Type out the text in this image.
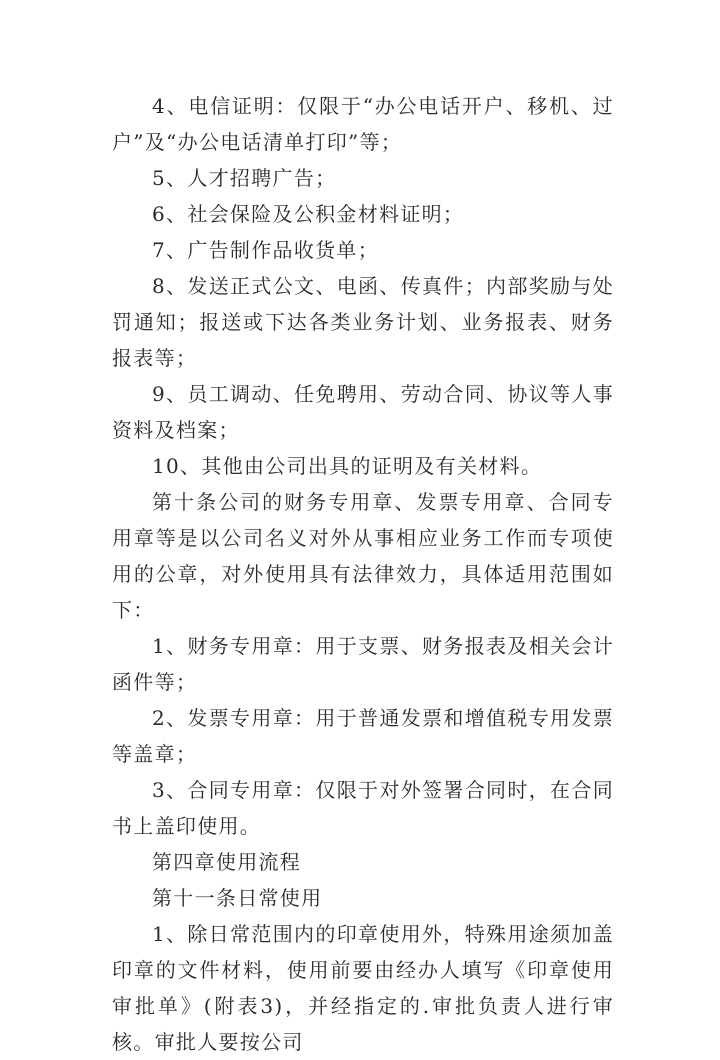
4、电信证明：仅限于“办公电话开户、移机、过户”及“办公电话清单打印”等；

5、人才招聘广告；

6、社会保险及公积金材料证明；

7、广告制作品收货单；

8、发送正式公文、电函、传真件；内部奖励与处罚通知；报送或下达各类业务计划、业务报表、财务报表等；

9、员工调动、任免聘用、劳动合同、协议等人事资料及档案；

10、其他由公司出具的证明及有关材料。

第十条公司的财务专用章、发票专用章、合同专用章等是以公司名义对外从事相应业务工作而专项使用的公章，对外使用具有法律效力，具体适用范围如下：

1、财务专用章：用于支票、财务报表及相关会计函件等；

2、发票专用章：用于普通发票和增值税专用发票等盖章；

3、合同专用章：仅限于对外签署合同时，在合同书上盖印使用。

第四章使用流程

第十一条日常使用

1、除日常范围内的印章使用外，特殊用途须加盖印章的文件材料，使用前要由经办人填写《印章使用审批单》(附表3)，并经指定的.审批负责人进行审核。审批人要按公司
